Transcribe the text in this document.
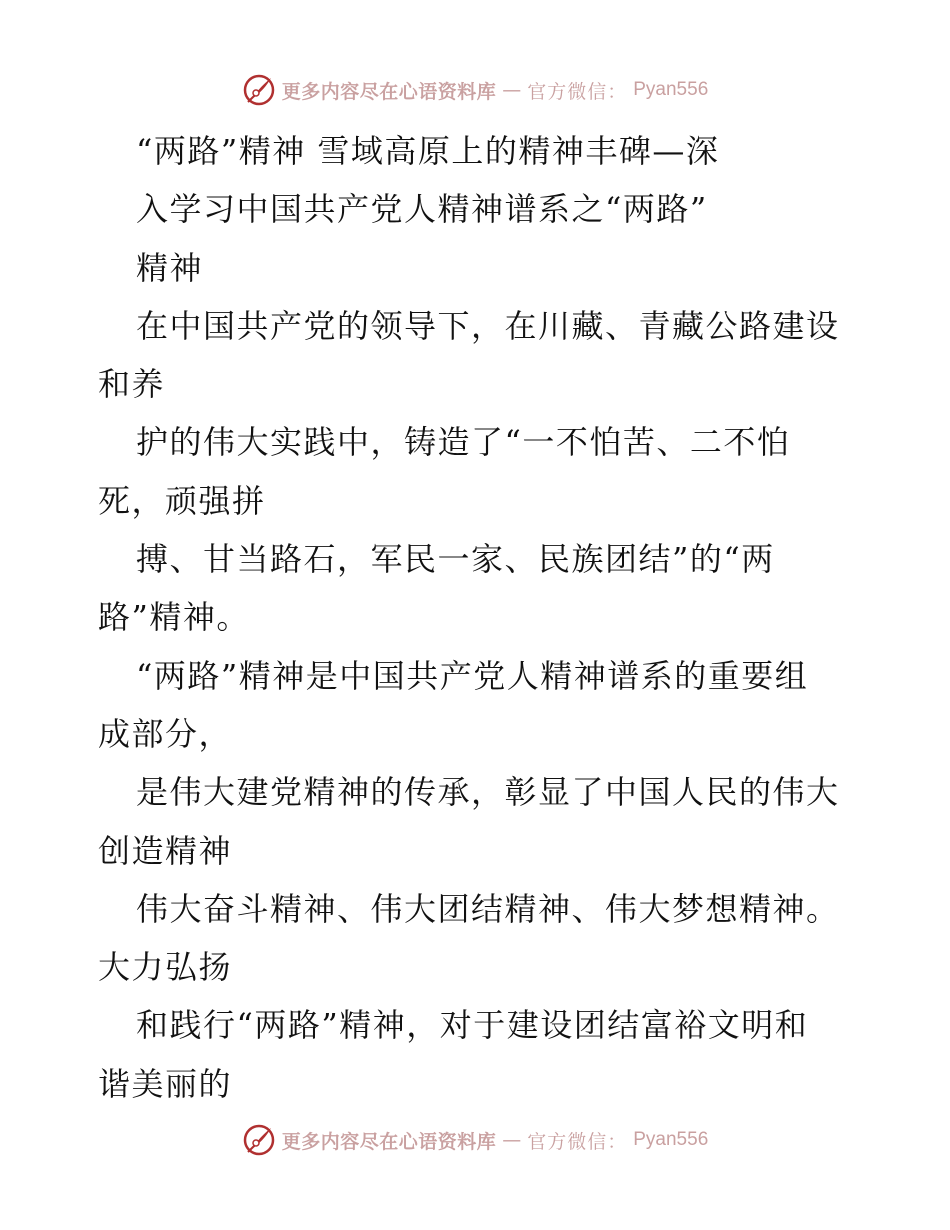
更多内容尽在心语资料库 — 官方微信： Pyan556
“两路”精神 雪域高原上的精神丰碑—深
入学习中国共产党人精神谱系之“两路”
精神
在中国共产党的领导下，在川藏、青藏公路建设
和养
护的伟大实践中，铸造了“一不怕苦、二不怕
死，顽强拼
搏、甘当路石，军民一家、民族团结”的“两
路”精神。
“两路”精神是中国共产党人精神谱系的重要组
成部分，
是伟大建党精神的传承，彰显了中国人民的伟大
创造精神
伟大奋斗精神、伟大团结精神、伟大梦想精神。
大力弘扬
和践行“两路”精神，对于建设团结富裕文明和
谐美丽的
更多内容尽在心语资料库 — 官方微信： Pyan556
